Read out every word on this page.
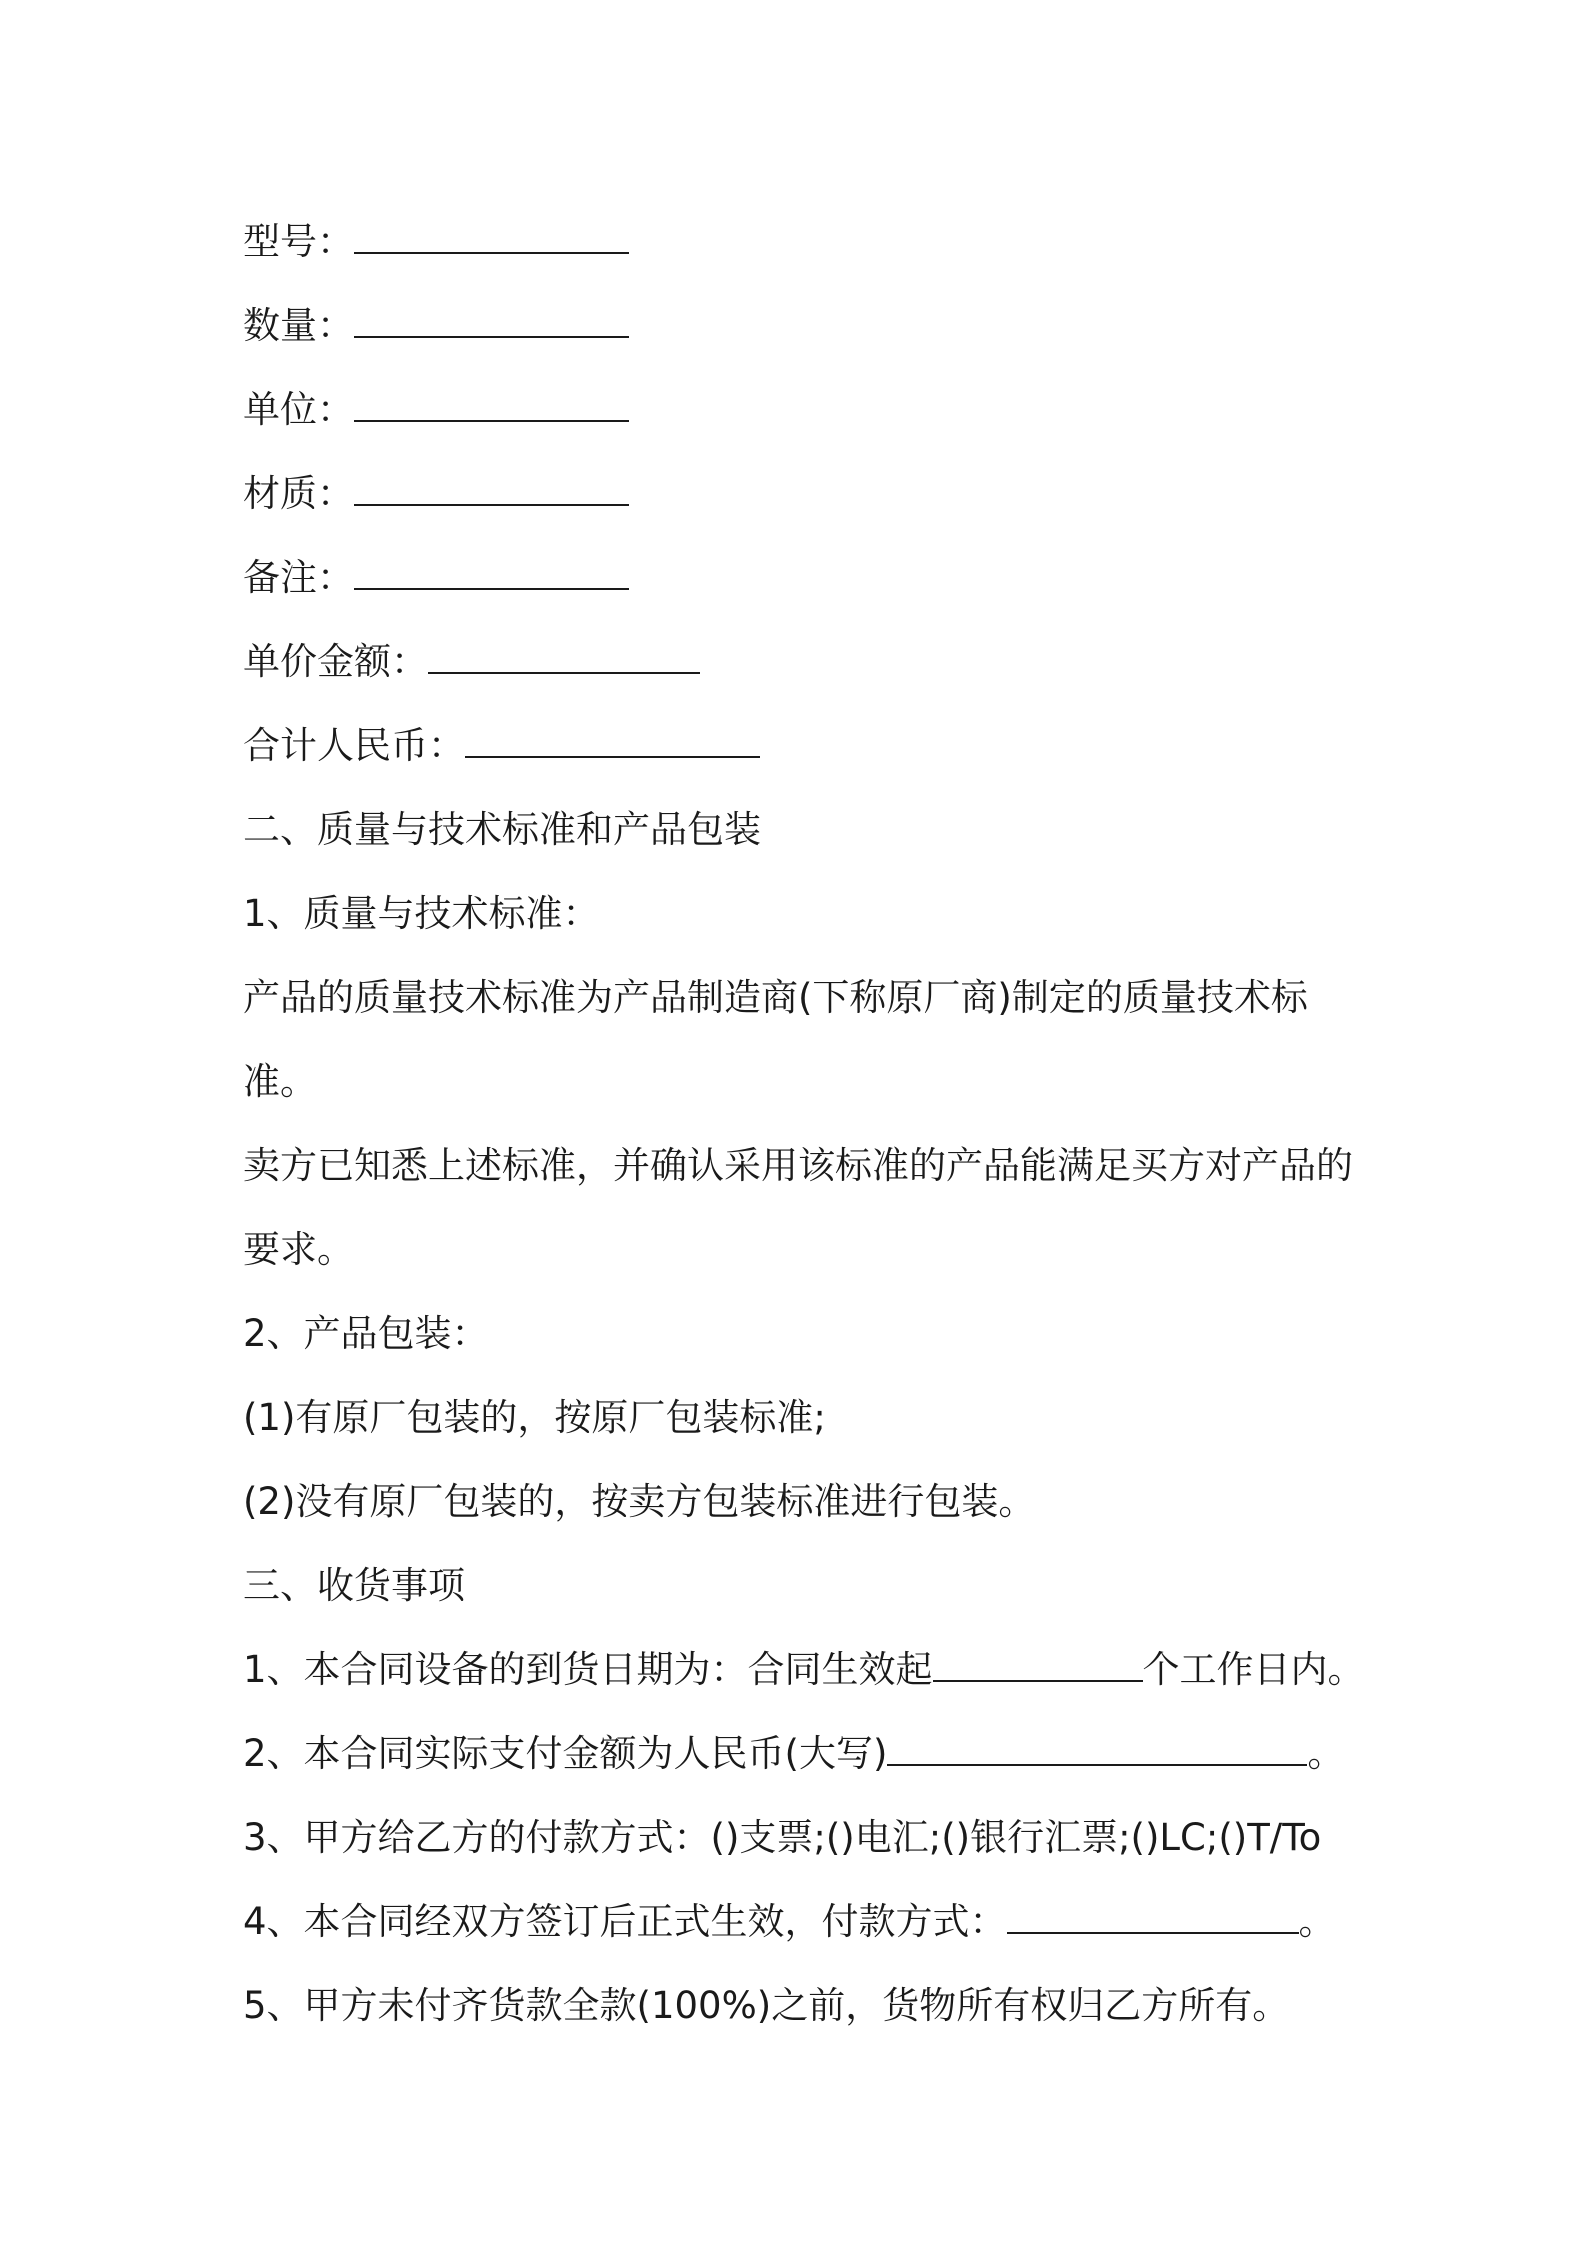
型号：
数量：
单位：
材质：
备注：
单价金额：
合计人民币：
二、质量与技术标准和产品包装
1、质量与技术标准：
产品的质量技术标准为产品制造商(下称原厂商)制定的质量技术标
准。
卖方已知悉上述标准，并确认采用该标准的产品能满足买方对产品的
要求。
2、产品包装：
(1)有原厂包装的，按原厂包装标准;
(2)没有原厂包装的，按卖方包装标准进行包装。
三、收货事项
1、本合同设备的到货日期为：合同生效起	个工作日内。
2、本合同实际支付金额为人民币(大写)	。
3、甲方给乙方的付款方式：()支票;()电汇;()银行汇票;()LC;()T/To
4、本合同经双方签订后正式生效，付款方式：	。
5、甲方未付齐货款全款(100%)之前，货物所有权归乙方所有。
